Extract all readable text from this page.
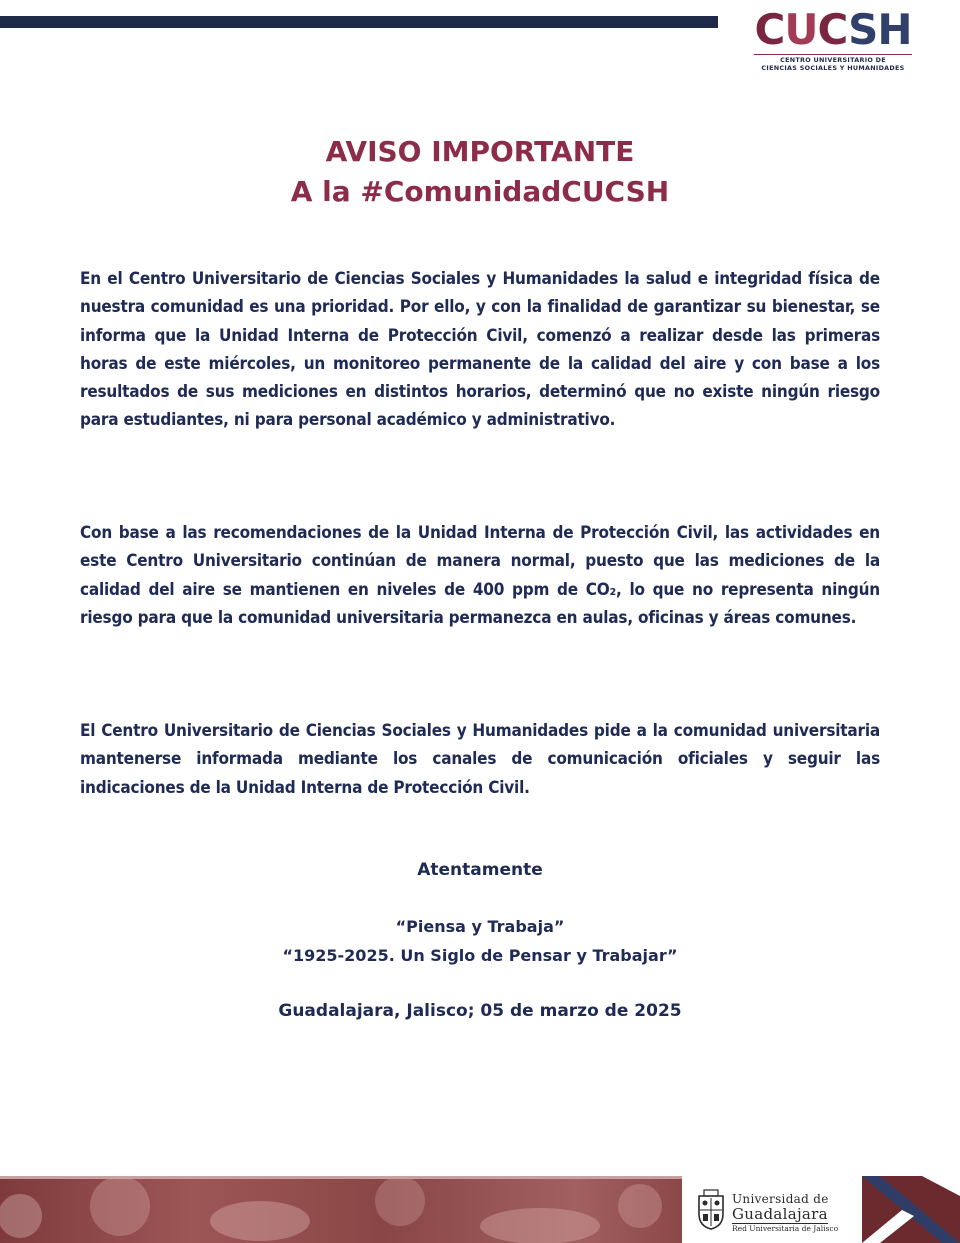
CUCSH
CENTRO UNIVERSITARIO DE
CIENCIAS SOCIALES Y HUMANIDADES
AVISO IMPORTANTE
A la #ComunidadCUCSH
En el Centro Universitario de Ciencias Sociales y Humanidades la salud e integridad física de nuestra comunidad es una prioridad. Por ello, y con la finalidad de garantizar su bienestar, se informa que la Unidad Interna de Protección Civil, comenzó a realizar desde las primeras horas de este miércoles, un monitoreo permanente de la calidad del aire y con base a los resultados de sus mediciones en distintos horarios, determinó que no existe ningún riesgo para estudiantes, ni para personal académico y administrativo.
Con base a las recomendaciones de la Unidad Interna de Protección Civil, las actividades en este Centro Universitario continúan de manera normal, puesto que las mediciones de la calidad del aire se mantienen en niveles de 400 ppm de CO₂, lo que no representa ningún riesgo para que la comunidad universitaria permanezca en aulas, oficinas y áreas comunes.
El Centro Universitario de Ciencias Sociales y Humanidades pide a la comunidad universitaria mantenerse informada mediante los canales de comunicación oficiales y seguir las indicaciones de la Unidad Interna de Protección Civil.
Atentamente
“Piensa y Trabaja”
“1925-2025. Un Siglo de Pensar y Trabajar”
Guadalajara, Jalisco; 05 de marzo de 2025
Universidad de
Guadalajara
Red Universitaria de Jalisco
